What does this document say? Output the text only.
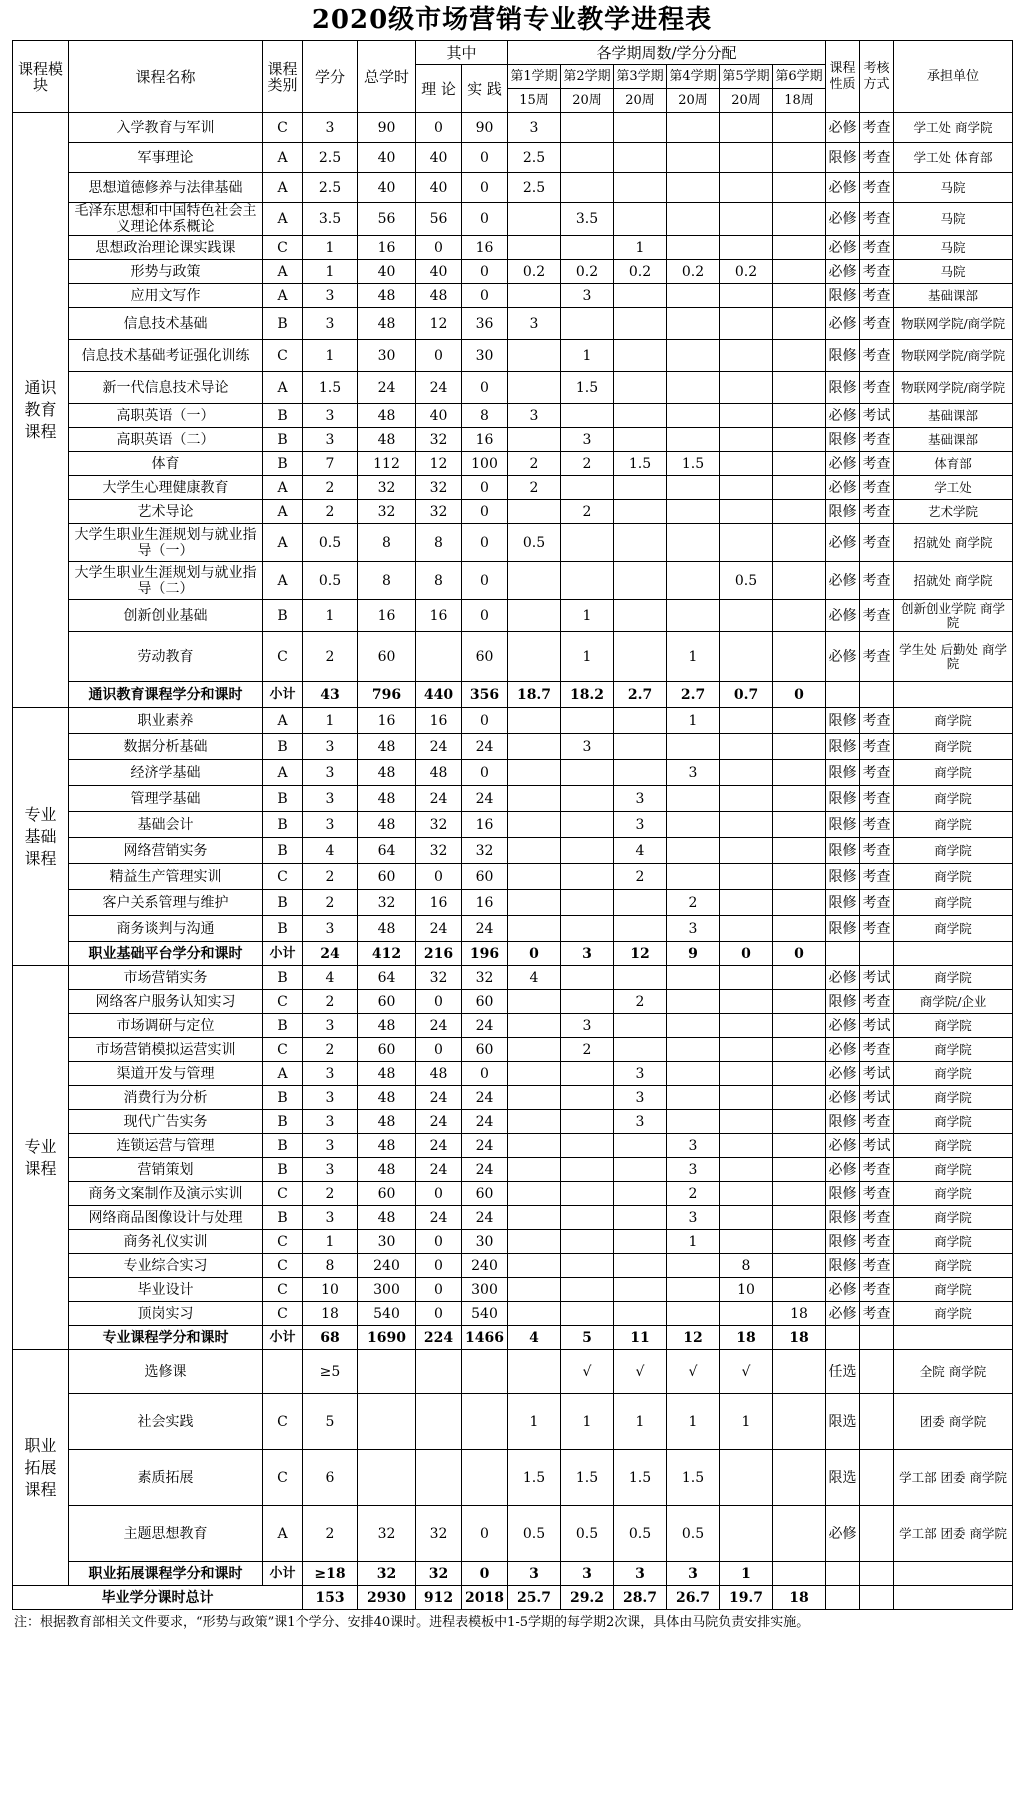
2020级市场营销专业教学进程表
课程模块	课程名称	课程类别	学分	总学时	其中		各学期周数/学分分配						课程性质	考核方式	承担单位
					理 论	实 践	第1学期	第2学期	第3学期	第4学期	第5学期	第6学期			
							15周	20周	20周	20周	20周	18周			
通识教育课程	入学教育与军训	C	3	90	0	90	3						必修	考查	学工处 商学院
	军事理论	A	2.5	40	40	0	2.5						限修	考查	学工处 体育部
	思想道德修养与法律基础	A	2.5	40	40	0	2.5						必修	考查	马院
	毛泽东思想和中国特色社会主义理论体系概论	A	3.5	56	56	0		3.5					必修	考查	马院
	思想政治理论课实践课	C	1	16	0	16			1				必修	考查	马院
	形势与政策	A	1	40	40	0	0.2	0.2	0.2	0.2	0.2		必修	考查	马院
	应用文写作	A	3	48	48	0		3					限修	考查	基础课部
	信息技术基础	B	3	48	12	36	3						必修	考查	物联网学院/商学院
	信息技术基础考证强化训练	C	1	30	0	30		1					限修	考查	物联网学院/商学院
	新一代信息技术导论	A	1.5	24	24	0		1.5					限修	考查	物联网学院/商学院
	高职英语（一）	B	3	48	40	8	3						必修	考试	基础课部
	高职英语（二）	B	3	48	32	16		3					限修	考查	基础课部
	体育	B	7	112	12	100	2	2	1.5	1.5			必修	考查	体育部
	大学生心理健康教育	A	2	32	32	0	2						必修	考查	学工处
	艺术导论	A	2	32	32	0		2					限修	考查	艺术学院
	大学生职业生涯规划与就业指导（一）	A	0.5	8	8	0	0.5						必修	考查	招就处 商学院
	大学生职业生涯规划与就业指导（二）	A	0.5	8	8	0					0.5		必修	考查	招就处 商学院
	创新创业基础	B	1	16	16	0		1					必修	考查	创新创业学院 商学院
	劳动教育	C	2	60		60		1		1			必修	考查	学生处 后勤处 商学院
	通识教育课程学分和课时	小计	43	796	440	356	18.7	18.2	2.7	2.7	0.7	0			
专业基础课程	职业素养	A	1	16	16	0				1			限修	考查	商学院
	数据分析基础	B	3	48	24	24		3					限修	考查	商学院
	经济学基础	A	3	48	48	0				3			限修	考查	商学院
	管理学基础	B	3	48	24	24			3				限修	考查	商学院
	基础会计	B	3	48	32	16			3				限修	考查	商学院
	网络营销实务	B	4	64	32	32			4				限修	考查	商学院
	精益生产管理实训	C	2	60	0	60			2				限修	考查	商学院
	客户关系管理与维护	B	2	32	16	16				2			限修	考查	商学院
	商务谈判与沟通	B	3	48	24	24				3			限修	考查	商学院
	职业基础平台学分和课时	小计	24	412	216	196	0	3	12	9	0	0			
专业课程	市场营销实务	B	4	64	32	32	4						必修	考试	商学院
	网络客户服务认知实习	C	2	60	0	60			2				限修	考查	商学院/企业
	市场调研与定位	B	3	48	24	24		3					必修	考试	商学院
	市场营销模拟运营实训	C	2	60	0	60		2					必修	考查	商学院
	渠道开发与管理	A	3	48	48	0			3				必修	考试	商学院
	消费行为分析	B	3	48	24	24			3				必修	考试	商学院
	现代广告实务	B	3	48	24	24			3				限修	考查	商学院
	连锁运营与管理	B	3	48	24	24				3			必修	考试	商学院
	营销策划	B	3	48	24	24				3			必修	考查	商学院
	商务文案制作及演示实训	C	2	60	0	60				2			限修	考查	商学院
	网络商品图像设计与处理	B	3	48	24	24				3			限修	考查	商学院
	商务礼仪实训	C	1	30	0	30				1			限修	考查	商学院
	专业综合实习	C	8	240	0	240					8		限修	考查	商学院
	毕业设计	C	10	300	0	300					10		必修	考查	商学院
	顶岗实习	C	18	540	0	540						18	必修	考查	商学院
	专业课程学分和课时	小计	68	1690	224	1466	4	5	11	12	18	18			
职业拓展课程	选修课		≥5					√	√	√	√		任选		全院 商学院
	社会实践	C	5				1	1	1	1	1		限选		团委 商学院
	素质拓展	C	6				1.5	1.5	1.5	1.5			限选		学工部 团委 商学院
	主题思想教育	A	2	32	32	0	0.5	0.5	0.5	0.5			必修		学工部 团委 商学院
	职业拓展课程学分和课时	小计	≥18	32	32	0	3	3	3	3	1				
毕业学分课时总计			153	2930	912	2018	25.7	29.2	28.7	26.7	19.7	18			
注：根据教育部相关文件要求，“形势与政策”课1个学分、安排40课时。进程表模板中1-5学期的每学期2次课，具体由马院负责安排实施。
